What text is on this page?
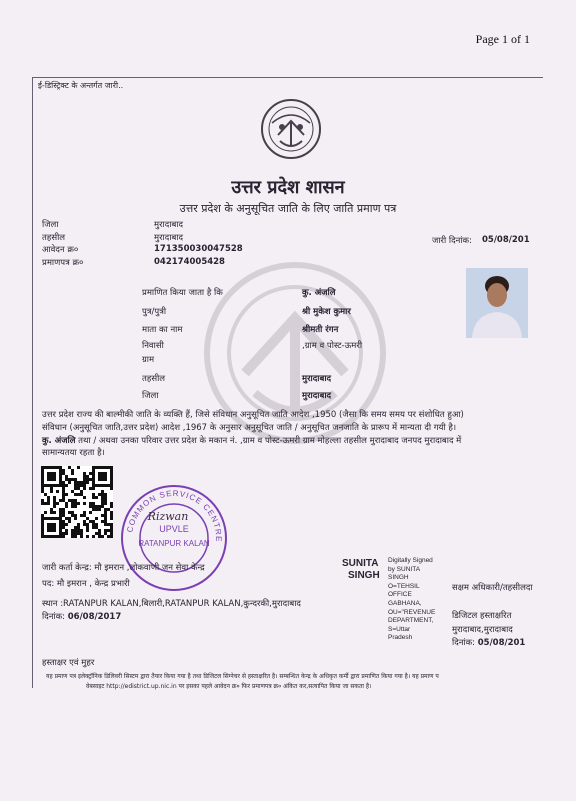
Page 1 of 1
ई-डिस्ट्रिक्ट के अन्तर्गत जारी..
उत्तर प्रदेश शासन
उत्तर प्रदेश के अनुसूचित जाति के लिए जाति प्रमाण पत्र
जिला	मुरादाबाद
तहसील	मुरादाबाद
आवेदन क्र०	171350030047528
प्रमाणपत्र क्र०	042174005428
जारी दिनांक: 05/08/201
प्रमाणित किया जाता है कि	कु. अंजलि
पुत्र/पुत्री	श्री मुकेश कुमार
माता का नाम	श्रीमती रंगन
निवासी	,ग्राम व पोस्ट-ऊमरी
ग्राम
तहसील	मुरादाबाद
जिला	मुरादाबाद
उत्तर प्रदेश राज्य की बाल्मीकी जाति के व्यक्ति हैं, जिसे संविधान अनुसूचित जाति आदेश ,1950 (जैसा कि समय समय पर संशोधित हुआ)
संविधान (अनुसूचित जाति,उत्तर प्रदेश) आदेश ,1967 के अनुसार अनुसूचित जाति / अनुसूचित जनजाति के प्रारूप में मान्यता दी गयी है।
कु. अंजलि तथा / अथवा उनका परिवार उत्तर प्रदेश के मकान नं. ,ग्राम व पोस्ट-ऊमरी ग्राम मोहल्ला तहसील मुरादाबाद जनपद मुरादाबाद में
सामान्यतया रहता है।
COMMON SERVICE CENTRE
UPVLE
RATANPUR KALAN
Rizwan
जारी कर्ता केन्द्र: मौ इमरान ,लोकवाणी जन सेवा केन्द्र
पद: मौ इमरान , केन्द्र प्रभारी
स्थान :RATANPUR KALAN,बिलारी,RATANPUR KALAN,कुन्दरकी,मुरादाबाद
दिनांक: 06/08/2017
हस्ताक्षर एवं मुहर
SUNITA
SINGH
Digitally Signed
by SUNITA
SINGH
O=TEHSIL
OFFICE
GABHANA,
OU="REVENUE
DEPARTMENT,
S=Uttar
Pradesh
सक्षम अधिकारी/तहसीलदा
डिजिटल हस्ताक्षरित
मुरादाबाद,मुरादाबाद
दिनांक: 05/08/201
यह प्रमाण पत्र इलेक्ट्रॉनिक डिलिवरी सिस्टम द्वारा तैयार किया गया है तथा डिजिटल सिग्नेचर से हस्ताक्षरित है। सम्बन्धित केन्द्र के अधिकृत कर्मी द्वारा प्रमाणित किया गया है। यह प्रमाण प
वेबसाइट http://edistrict.up.nic.in पर इसका पहले आवेदन क्र० फिर प्रमाणपत्र क्र० अंकित कर,सत्यापित किया जा सकता है।
